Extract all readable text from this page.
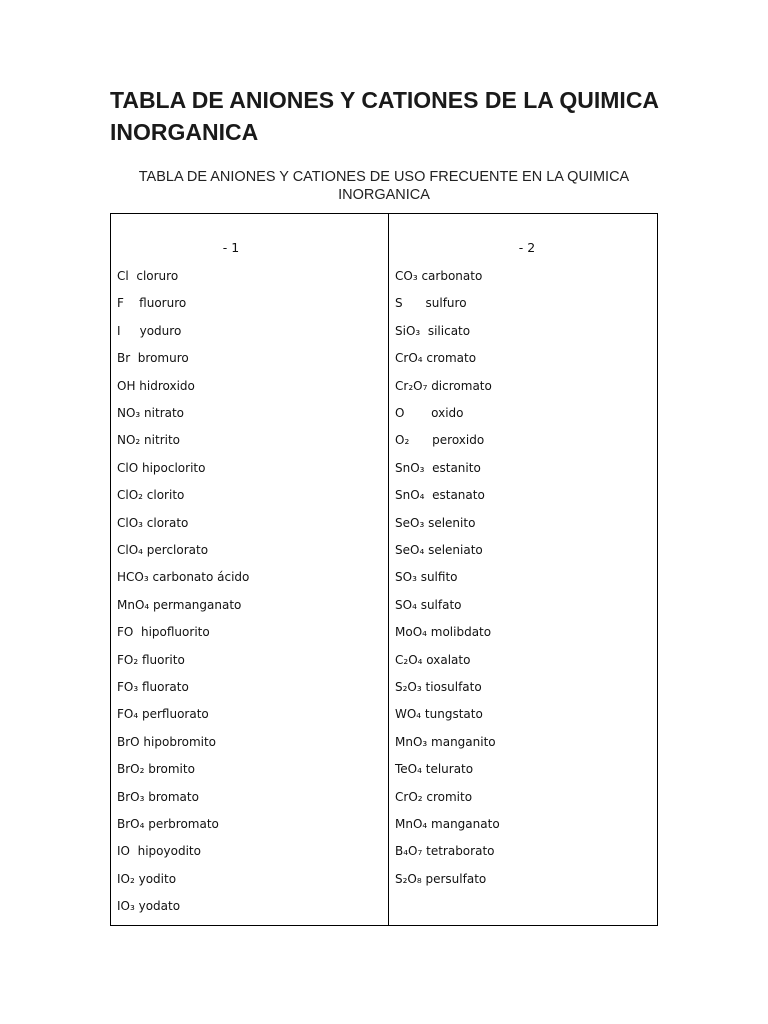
TABLA DE ANIONES Y CATIONES DE LA QUIMICA INORGANICA
TABLA DE ANIONES Y CATIONES DE USO FRECUENTE EN LA QUIMICA INORGANICA
- 1
Cl  cloruro
F    fluoruro
I     yoduro
Br  bromuro
OH hidroxido
NO₃ nitrato
NO₂ nitrito
ClO hipoclorito
ClO₂ clorito
ClO₃ clorato
ClO₄ perclorato
HCO₃ carbonato ácido
MnO₄ permanganato
FO  hipofluorito
FO₂ fluorito
FO₃ fluorato
FO₄ perfluorato
BrO hipobromito
BrO₂ bromito
BrO₃ bromato
BrO₄ perbromato
IO  hipoyodito
IO₂ yodito
IO₃ yodato
- 2
CO₃ carbonato
S      sulfuro
SiO₃  silicato
CrO₄ cromato
Cr₂O₇ dicromato
O       oxido
O₂      peroxido
SnO₃  estanito
SnO₄  estanato
SeO₃ selenito
SeO₄ seleniato
SO₃ sulfito
SO₄ sulfato
MoO₄ molibdato
C₂O₄ oxalato
S₂O₃ tiosulfato
WO₄ tungstato
MnO₃ manganito
TeO₄ telurato
CrO₂ cromito
MnO₄ manganato
B₄O₇ tetraborato
S₂O₈ persulfato
